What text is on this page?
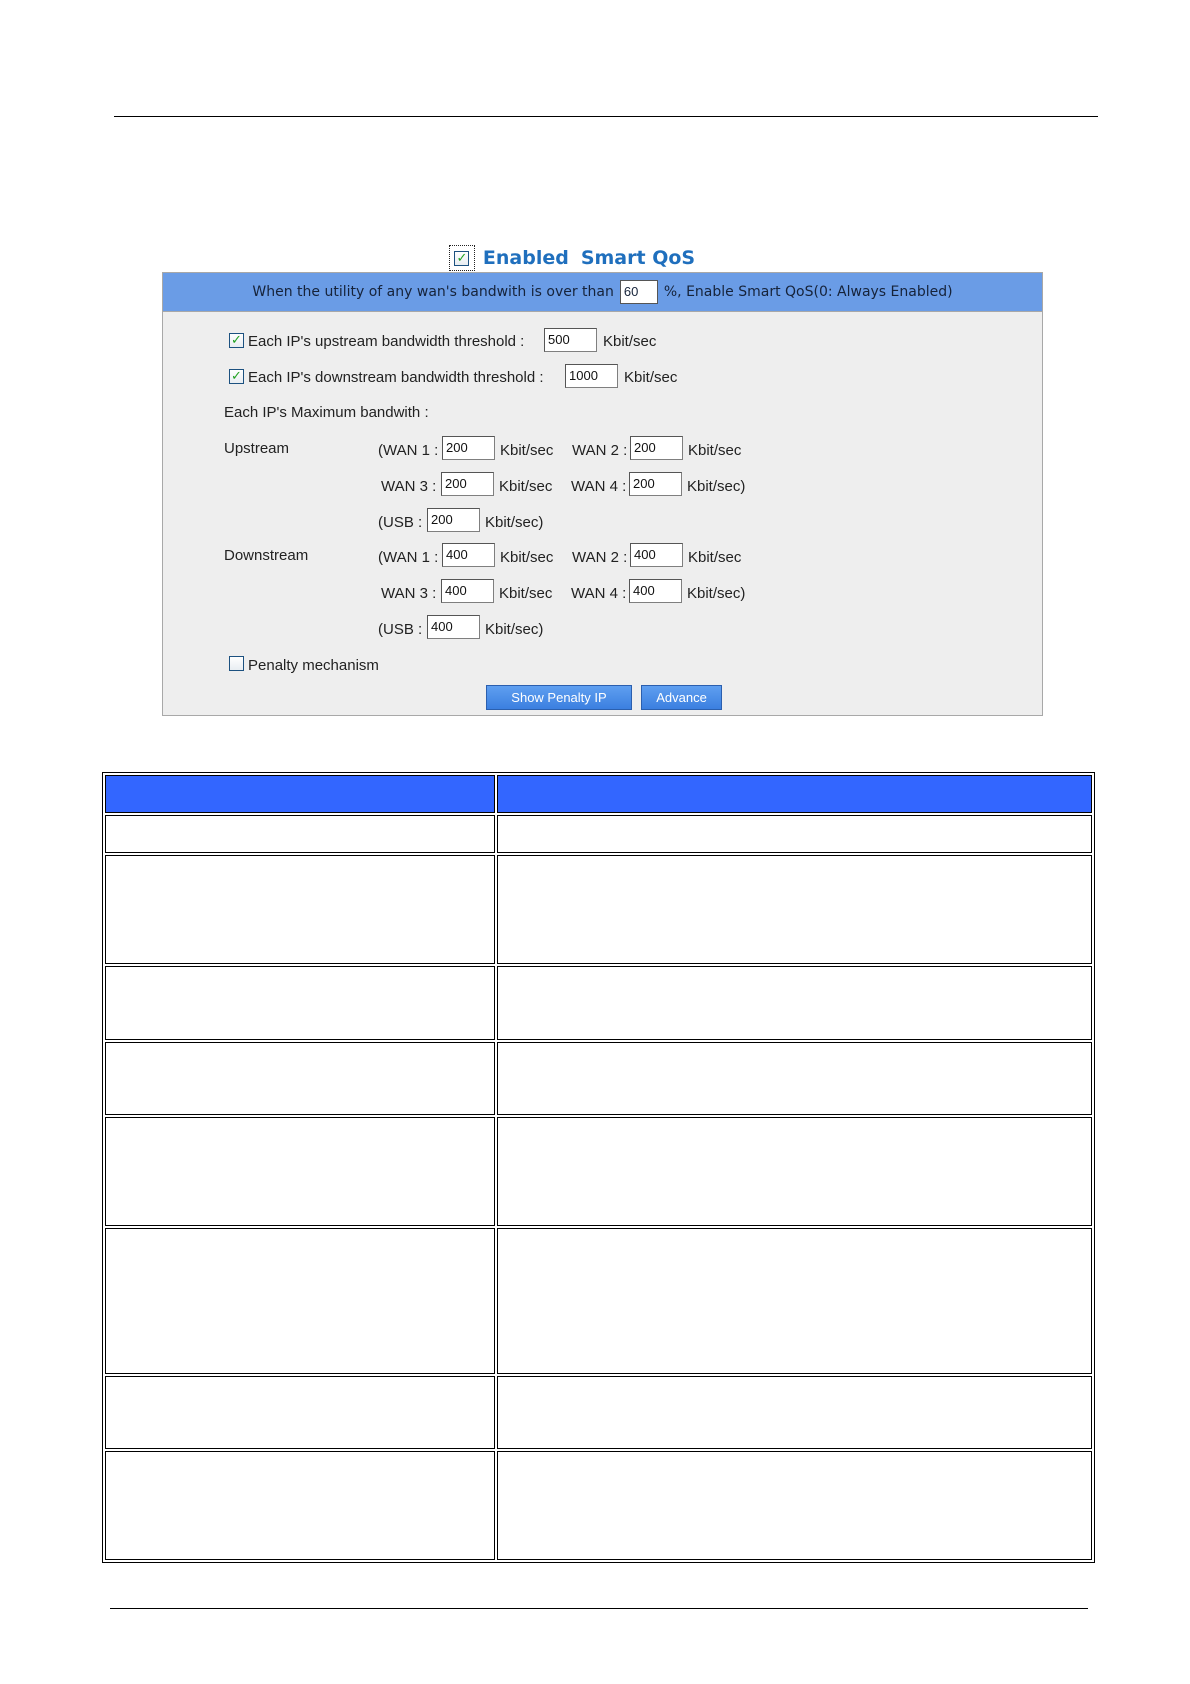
✓ Enabled Smart QoS
When the utility of any wan's bandwith is over than 60	%, Enable Smart QoS(0: Always Enabled)
✓ Each IP's upstream bandwidth threshold :	500	Kbit/sec
✓ Each IP's downstream bandwidth threshold :	1000	Kbit/sec
Each IP's Maximum bandwith :
Upstream	(WAN 1 : 200	Kbit/sec WAN 2 : 200	Kbit/sec
WAN 3 : 200	Kbit/sec WAN 4 : 200	Kbit/sec)
(USB : 200	Kbit/sec)
Downstream	(WAN 1 : 400	Kbit/sec WAN 2 : 400	Kbit/sec
WAN 3 : 400	Kbit/sec WAN 4 : 400	Kbit/sec)
(USB : 400	Kbit/sec)
Penalty mechanism
Show Penalty IP	Advance
